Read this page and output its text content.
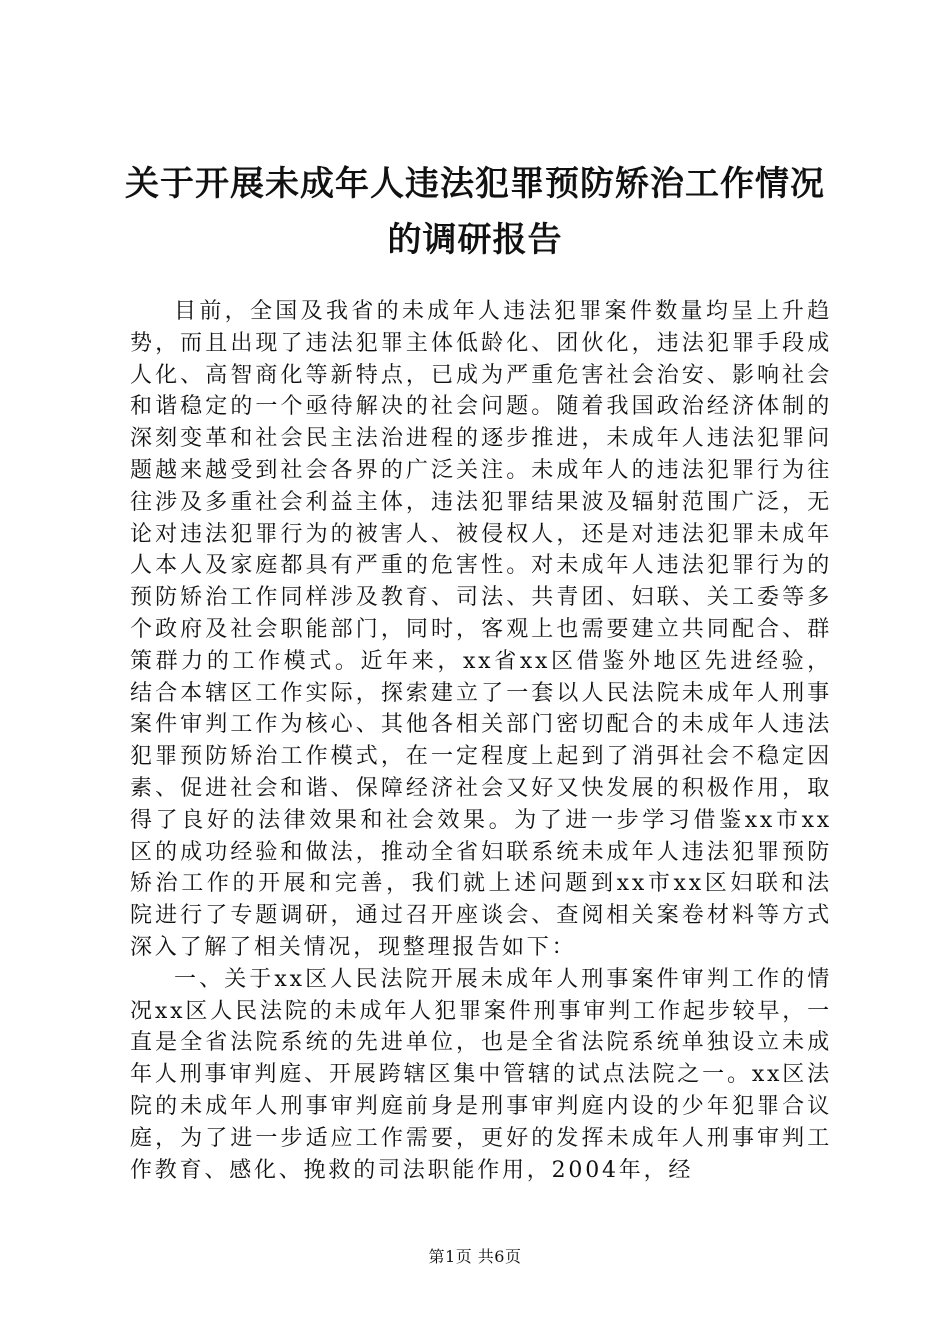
关于开展未成年人违法犯罪预防矫治工作情况
的调研报告

目前，全国及我省的未成年人违法犯罪案件数量均呈上升趋势，而且出现了违法犯罪主体低龄化、团伙化，违法犯罪手段成人化、高智商化等新特点，已成为严重危害社会治安、影响社会和谐稳定的一个亟待解决的社会问题。随着我国政治经济体制的深刻变革和社会民主法治进程的逐步推进，未成年人违法犯罪问题越来越受到社会各界的广泛关注。未成年人的违法犯罪行为往往涉及多重社会利益主体，违法犯罪结果波及辐射范围广泛，无论对违法犯罪行为的被害人、被侵权人，还是对违法犯罪未成年人本人及家庭都具有严重的危害性。对未成年人违法犯罪行为的预防矫治工作同样涉及教育、司法、共青团、妇联、关工委等多个政府及社会职能部门，同时，客观上也需要建立共同配合、群策群力的工作模式。近年来，xx省xx区借鉴外地区先进经验，结合本辖区工作实际，探索建立了一套以人民法院未成年人刑事案件审判工作为核心、其他各相关部门密切配合的未成年人违法犯罪预防矫治工作模式，在一定程度上起到了消弭社会不稳定因素、促进社会和谐、保障经济社会又好又快发展的积极作用，取得了良好的法律效果和社会效果。为了进一步学习借鉴xx市xx区的成功经验和做法，推动全省妇联系统未成年人违法犯罪预防矫治工作的开展和完善，我们就上述问题到xx市xx区妇联和法院进行了专题调研，通过召开座谈会、查阅相关案卷材料等方式深入了解了相关情况，现整理报告如下：

一、关于xx区人民法院开展未成年人刑事案件审判工作的情况xx区人民法院的未成年人犯罪案件刑事审判工作起步较早，一直是全省法院系统的先进单位，也是全省法院系统单独设立未成年人刑事审判庭、开展跨辖区集中管辖的试点法院之一。xx区法院的未成年人刑事审判庭前身是刑事审判庭内设的少年犯罪合议庭，为了进一步适应工作需要，更好的发挥未成年人刑事审判工作教育、感化、挽救的司法职能作用，2004年，经

第1页 共6页
